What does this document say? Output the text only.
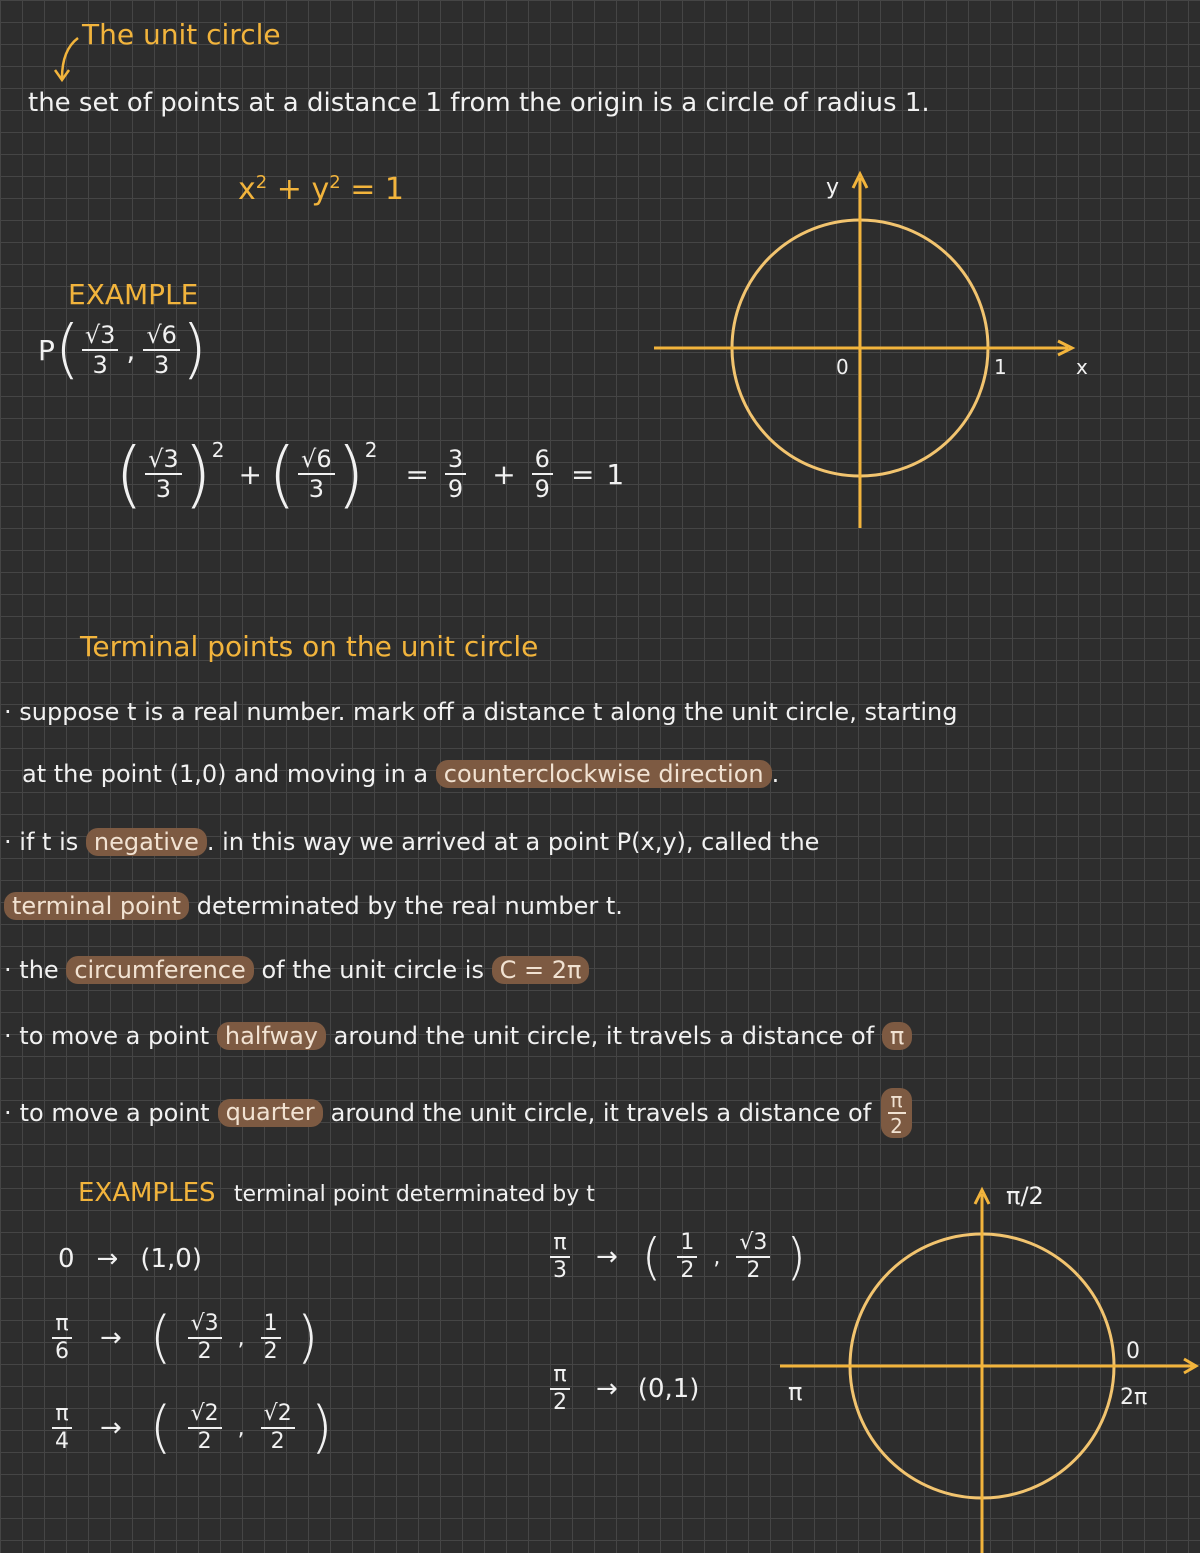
The unit circle
the set of points at a distance 1 from the origin is a circle of radius 1.
$x^2 + y^2 = 1$
EXAMPLE
P ( $\frac{√3}{3}$ , $\frac{√6}{3}$ )
( $\frac{√3}{3} )^2$
+ ( $\frac{√6}{3} )^2$
= $\frac{3}{9} + \frac{6}{9} = 1$
y
x
0	1
Terminal points on the unit circle
· suppose t is a real number. mark off a distance t along the unit circle, starting
at the point (1,0) and moving in a counterclockwise direction .
· if t is negative . in this way we arrived at a point P(x,y), called the
terminal point determinated by the real number t.
· the circumference of the unit circle is C = 2π
· to move a point halfway around the unit circle, it travels a distance of π
· to move a point quarter around the unit circle, it travels a distance of $\frac{\pi}{2}$
EXAMPLES terminal point determinated by t
0 → (1,0)
$\frac{\pi}{6}$ → ( $\frac{√3}{2}$ , $\frac{1}{2}$ )
$\frac{\pi}{4}$ → ( $\frac{√2}{2}$ , $\frac{√2}{2}$ )
$\frac{\pi}{3}$ → ( $\frac{1}{2}$ , $\frac{√3}{2}$ )
$\frac{\pi}{2} \to (0,1)$
π/2
π
0
2π
